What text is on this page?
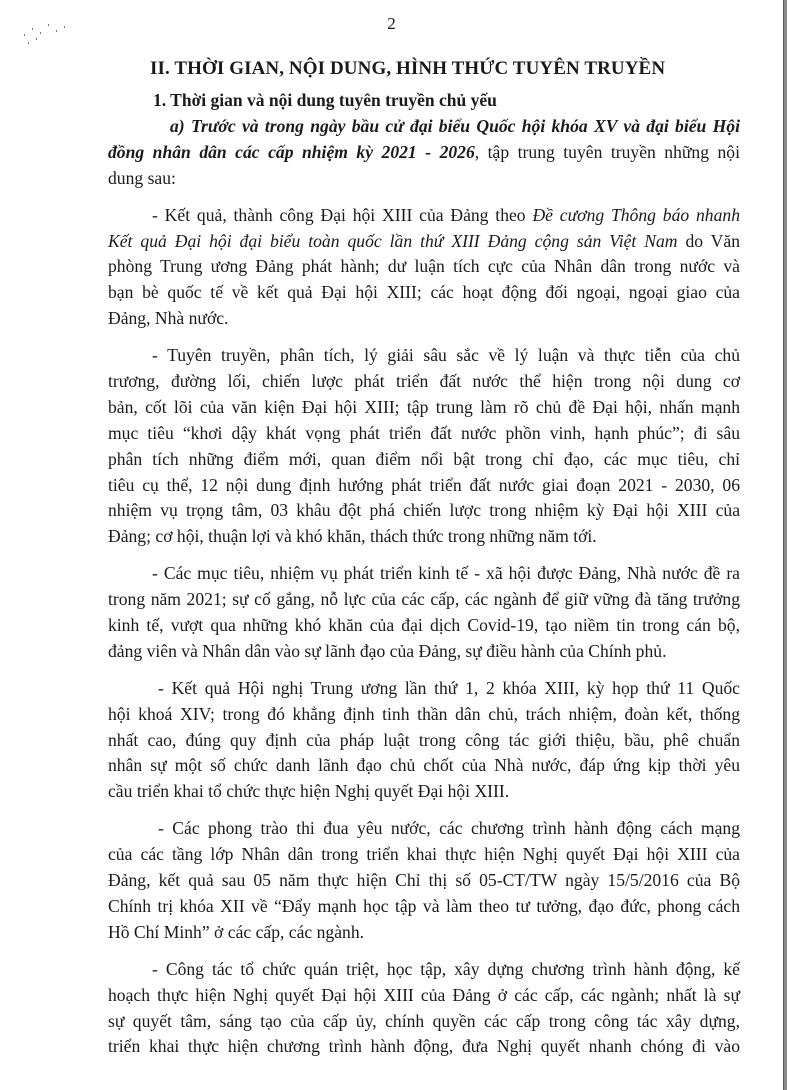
2
II. THỜI GIAN, NỘI DUNG, HÌNH THỨC TUYÊN TRUYỀN
1. Thời gian và nội dung tuyên truyền chủ yếu
a) Trước và trong ngày bầu cử đại biểu Quốc hội khóa XV và đại biểu Hội
đồng nhân dân các cấp nhiệm kỳ 2021 - 2026, tập trung tuyên truyền những nội
dung sau:
- Kết quả, thành công Đại hội XIII của Đảng theo Đề cương Thông báo nhanh
Kết quả Đại hội đại biểu toàn quốc lần thứ XIII Đảng cộng sản Việt Nam do Văn
phòng Trung ương Đảng phát hành; dư luận tích cực của Nhân dân trong nước và
bạn bè quốc tế về kết quả Đại hội XIII; các hoạt động đối ngoại, ngoại giao của
Đảng, Nhà nước.
- Tuyên truyền, phân tích, lý giải sâu sắc về lý luận và thực tiễn của chủ
trương, đường lối, chiến lược phát triển đất nước thể hiện trong nội dung cơ
bản, cốt lõi của văn kiện Đại hội XIII; tập trung làm rõ chủ đề Đại hội, nhấn mạnh
mục tiêu “khơi dậy khát vọng phát triển đất nước phồn vinh, hạnh phúc”; đi sâu
phân tích những điểm mới, quan điểm nổi bật trong chỉ đạo, các mục tiêu, chỉ
tiêu cụ thể, 12 nội dung định hướng phát triển đất nước giai đoạn 2021 - 2030, 06
nhiệm vụ trọng tâm, 03 khâu đột phá chiến lược trong nhiệm kỳ Đại hội XIII của
Đảng; cơ hội, thuận lợi và khó khăn, thách thức trong những năm tới.
- Các mục tiêu, nhiệm vụ phát triển kinh tế - xã hội được Đảng, Nhà nước đề ra
trong năm 2021; sự cố gắng, nỗ lực của các cấp, các ngành để giữ vững đà tăng trưởng
kinh tế, vượt qua những khó khăn của đại dịch Covid-19, tạo niềm tin trong cán bộ,
đảng viên và Nhân dân vào sự lãnh đạo của Đảng, sự điều hành của Chính phủ.
- Kết quả Hội nghị Trung ương lần thứ 1, 2 khóa XIII, kỳ họp thứ 11 Quốc
hội khoá XIV; trong đó khẳng định tinh thần dân chủ, trách nhiệm, đoàn kết, thống
nhất cao, đúng quy định của pháp luật trong công tác giới thiệu, bầu, phê chuẩn
nhân sự một số chức danh lãnh đạo chủ chốt của Nhà nước, đáp ứng kịp thời yêu
cầu triển khai tổ chức thực hiện Nghị quyết Đại hội XIII.
- Các phong trào thi đua yêu nước, các chương trình hành động cách mạng
của các tầng lớp Nhân dân trong triển khai thực hiện Nghị quyết Đại hội XIII của
Đảng, kết quả sau 05 năm thực hiện Chỉ thị số 05-CT/TW ngày 15/5/2016 của Bộ
Chính trị khóa XII về “Đẩy mạnh học tập và làm theo tư tưởng, đạo đức, phong cách
Hồ Chí Minh” ở các cấp, các ngành.
- Công tác tổ chức quán triệt, học tập, xây dựng chương trình hành động, kế
hoạch thực hiện Nghị quyết Đại hội XIII của Đảng ở các cấp, các ngành; nhất là sự
sự quyết tâm, sáng tạo của cấp ủy, chính quyền các cấp trong công tác xây dựng,
triển khai thực hiện chương trình hành động, đưa Nghị quyết nhanh chóng đi vào
